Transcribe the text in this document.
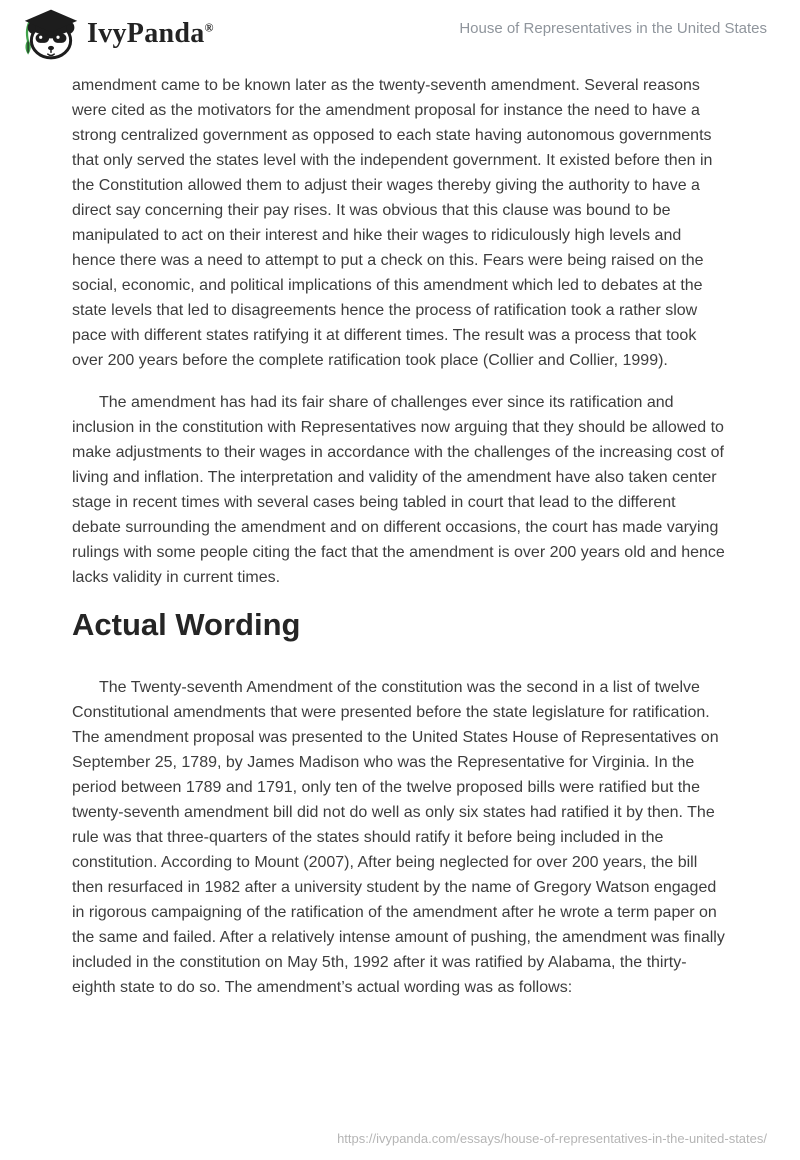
IvyPanda®	House of Representatives in the United States

amendment came to be known later as the twenty-seventh amendment. Several reasons were cited as the motivators for the amendment proposal for instance the need to have a strong centralized government as opposed to each state having autonomous governments that only served the states level with the independent government. It existed before then in the Constitution allowed them to adjust their wages thereby giving the authority to have a direct say concerning their pay rises. It was obvious that this clause was bound to be manipulated to act on their interest and hike their wages to ridiculously high levels and hence there was a need to attempt to put a check on this. Fears were being raised on the social, economic, and political implications of this amendment which led to debates at the state levels that led to disagreements hence the process of ratification took a rather slow pace with different states ratifying it at different times. The result was a process that took over 200 years before the complete ratification took place (Collier and Collier, 1999).

The amendment has had its fair share of challenges ever since its ratification and inclusion in the constitution with Representatives now arguing that they should be allowed to make adjustments to their wages in accordance with the challenges of the increasing cost of living and inflation. The interpretation and validity of the amendment have also taken center stage in recent times with several cases being tabled in court that lead to the different debate surrounding the amendment and on different occasions, the court has made varying rulings with some people citing the fact that the amendment is over 200 years old and hence lacks validity in current times.

Actual Wording

The Twenty-seventh Amendment of the constitution was the second in a list of twelve Constitutional amendments that were presented before the state legislature for ratification. The amendment proposal was presented to the United States House of Representatives on September 25, 1789, by James Madison who was the Representative for Virginia. In the period between 1789 and 1791, only ten of the twelve proposed bills were ratified but the twenty-seventh amendment bill did not do well as only six states had ratified it by then. The rule was that three-quarters of the states should ratify it before being included in the constitution. According to Mount (2007), After being neglected for over 200 years, the bill then resurfaced in 1982 after a university student by the name of Gregory Watson engaged in rigorous campaigning of the ratification of the amendment after he wrote a term paper on the same and failed. After a relatively intense amount of pushing, the amendment was finally included in the constitution on May 5th, 1992 after it was ratified by Alabama, the thirty-eighth state to do so. The amendment’s actual wording was as follows:

https://ivypanda.com/essays/house-of-representatives-in-the-united-states/
